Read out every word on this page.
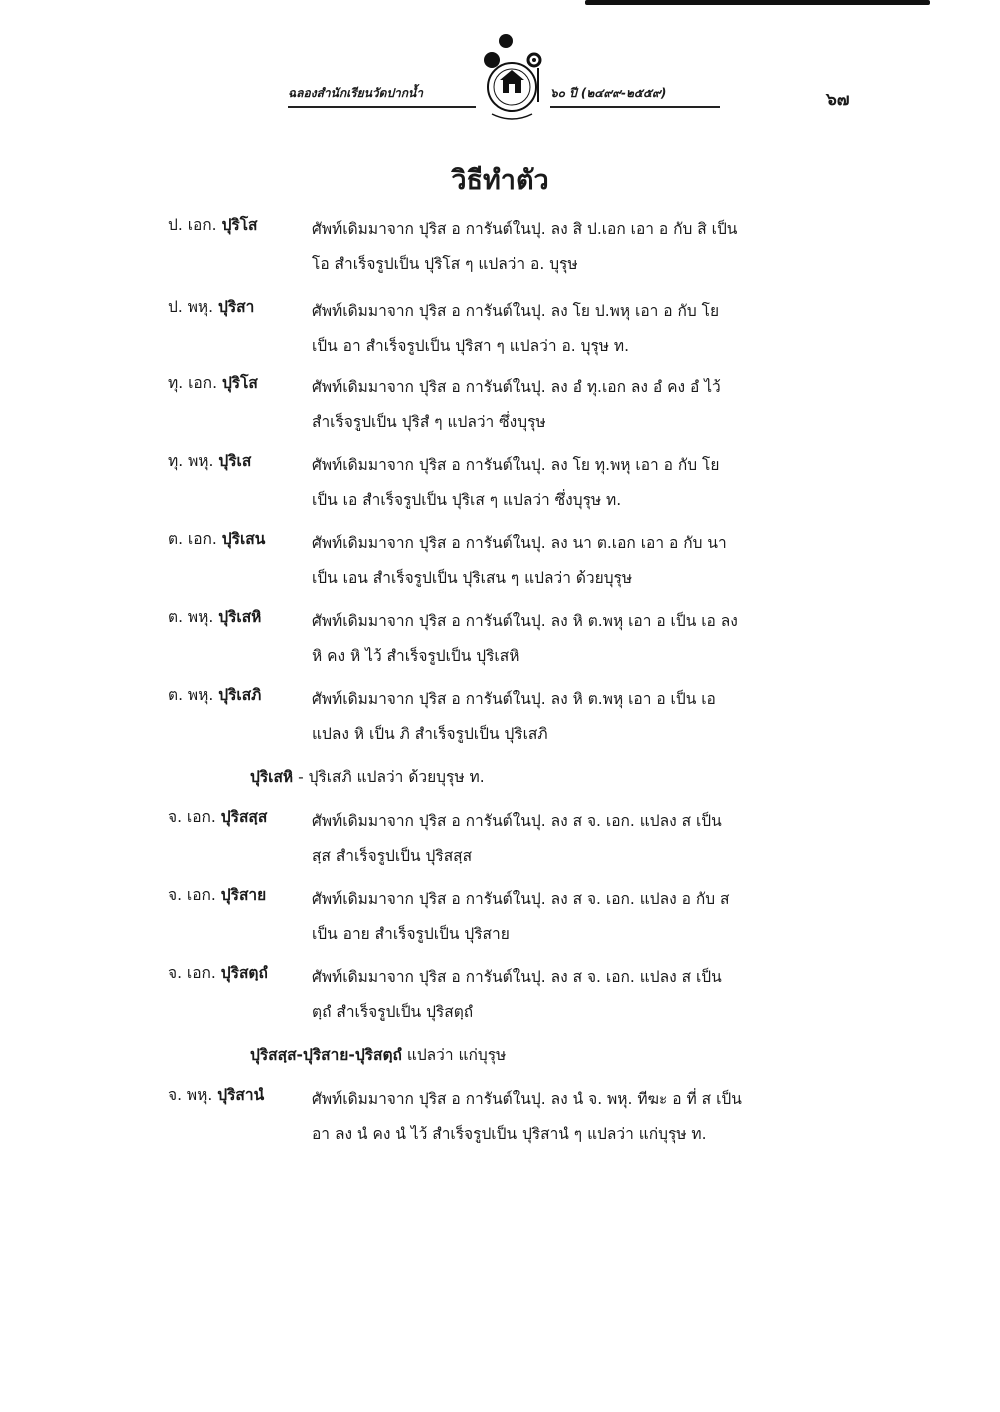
ฉลองสำนักเรียนวัดปากน้ำ	๖๐ ปี (๒๔๙๙-๒๕๕๙)	๖๗
วิธีทำตัว
ป. เอก. ปุริโส	ศัพท์เดิมมาจาก ปุริส อ การันต์ในปุ. ลง สิ ป.เอก เอา อ กับ สิ เป็น
โอ สำเร็จรูปเป็น ปุริโส ๆ แปลว่า อ. บุรุษ
ป. พหุ. ปุริสา	ศัพท์เดิมมาจาก ปุริส อ การันต์ในปุ. ลง โย ป.พหุ เอา อ กับ โย
เป็น อา สำเร็จรูปเป็น ปุริสา ๆ แปลว่า อ. บุรุษ ท.
ทุ. เอก. ปุริโส	ศัพท์เดิมมาจาก ปุริส อ การันต์ในปุ. ลง อํ ทุ.เอก ลง อํ คง อํ ไว้
สำเร็จรูปเป็น ปุริสํ ๆ แปลว่า ซึ่งบุรุษ
ทุ. พหุ. ปุริเส	ศัพท์เดิมมาจาก ปุริส อ การันต์ในปุ. ลง โย ทุ.พหุ เอา อ กับ โย
เป็น เอ สำเร็จรูปเป็น ปุริเส ๆ แปลว่า ซึ่งบุรุษ ท.
ต. เอก. ปุริเสน	ศัพท์เดิมมาจาก ปุริส อ การันต์ในปุ. ลง นา ต.เอก เอา อ กับ นา
เป็น เอน สำเร็จรูปเป็น ปุริเสน ๆ แปลว่า ด้วยบุรุษ
ต. พหุ. ปุริเสหิ	ศัพท์เดิมมาจาก ปุริส อ การันต์ในปุ. ลง หิ ต.พหุ เอา อ เป็น เอ ลง
หิ คง หิ ไว้ สำเร็จรูปเป็น ปุริเสหิ
ต. พหุ. ปุริเสภิ	ศัพท์เดิมมาจาก ปุริส อ การันต์ในปุ. ลง หิ ต.พหุ เอา อ เป็น เอ
แปลง หิ เป็น ภิ สำเร็จรูปเป็น ปุริเสภิ
ปุริเสหิ - ปุริเสภิ แปลว่า ด้วยบุรุษ ท.
จ. เอก. ปุริสสฺส	ศัพท์เดิมมาจาก ปุริส อ การันต์ในปุ. ลง ส จ. เอก. แปลง ส เป็น
สฺส สำเร็จรูปเป็น ปุริสสฺส
จ. เอก. ปุริสาย	ศัพท์เดิมมาจาก ปุริส อ การันต์ในปุ. ลง ส จ. เอก. แปลง อ กับ ส
เป็น อาย สำเร็จรูปเป็น ปุริสาย
จ. เอก. ปุริสตฺถํ	ศัพท์เดิมมาจาก ปุริส อ การันต์ในปุ. ลง ส จ. เอก. แปลง ส เป็น
ตฺถํ สำเร็จรูปเป็น ปุริสตฺถํ
ปุริสสฺส-ปุริสาย-ปุริสตฺถํ แปลว่า แก่บุรุษ
จ. พหุ. ปุริสานํ	ศัพท์เดิมมาจาก ปุริส อ การันต์ในปุ. ลง นํ จ. พหุ. ทีฆะ อ ที่ ส เป็น
อา ลง นํ คง นํ ไว้ สำเร็จรูปเป็น ปุริสานํ ๆ แปลว่า แก่บุรุษ ท.
